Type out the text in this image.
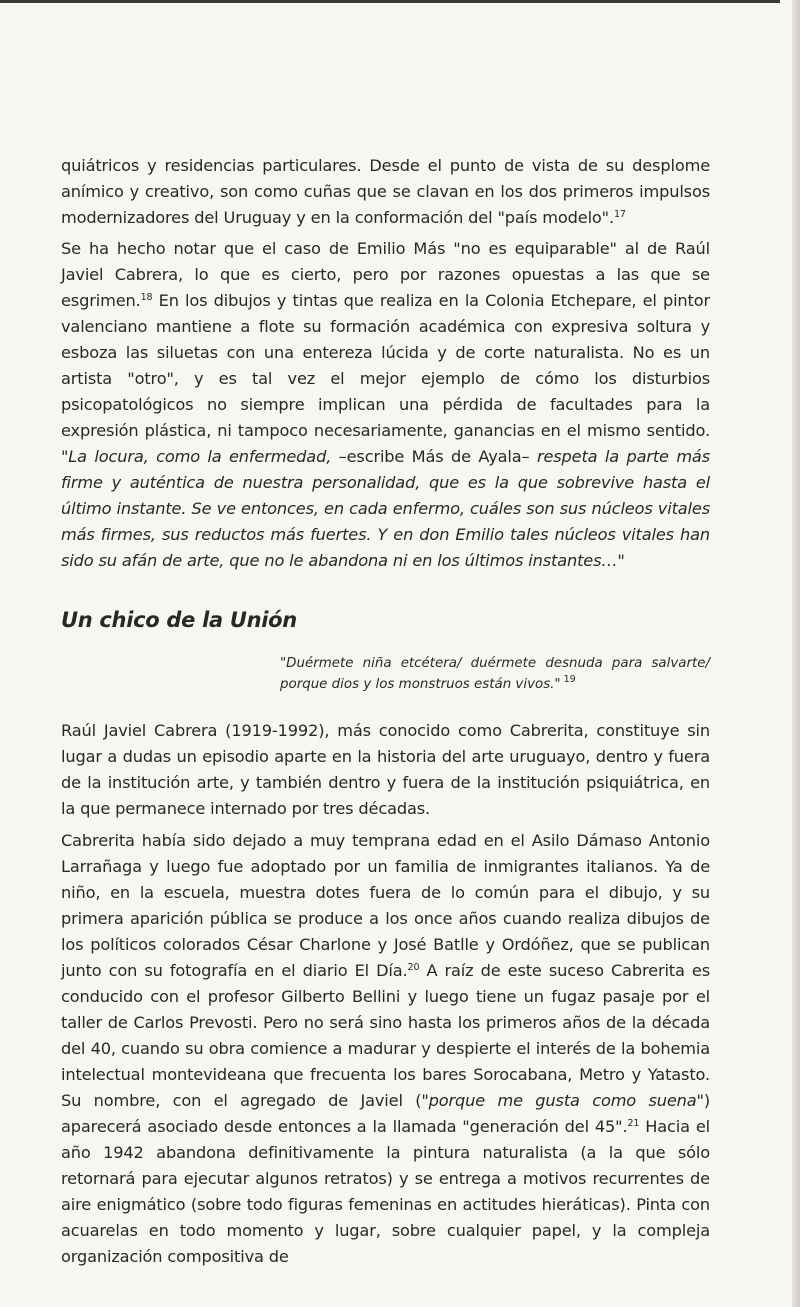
quiátricos y residencias particulares. Desde el punto de vista de su desplome anímico y creativo, son como cuñas que se clavan en los dos primeros impulsos modernizadores del Uruguay y en la conformación del "país modelo".$^{17}$

Se ha hecho notar que el caso de Emilio Más "no es equiparable" al de Raúl Javiel Cabrera, lo que es cierto, pero por razones opuestas a las que se esgrimen.$^{18}$ En los dibujos y tintas que realiza en la Colonia Etchepare, el pintor valenciano mantiene a flote su formación académica con expresiva soltura y esboza las siluetas con una entereza lúcida y de corte naturalista. No es un artista "otro", y es tal vez el mejor ejemplo de cómo los disturbios psicopatológicos no siempre implican una pérdida de facultades para la expresión plástica, ni tampoco necesariamente, ganancias en el mismo sentido. "La locura, como la enfermedad, –escribe Más de Ayala– respeta la parte más firme y auténtica de nuestra personalidad, que es la que sobrevive hasta el último instante. Se ve entonces, en cada enfermo, cuáles son sus núcleos vitales más firmes, sus reductos más fuertes. Y en don Emilio tales núcleos vitales han sido su afán de arte, que no le abandona ni en los últimos instantes…"

Un chico de la Unión
"Duérmete niña etcétera/ duérmete desnuda para salvarte/ porque dios y los monstruos están vivos." $^{19}$

Raúl Javiel Cabrera (1919-1992), más conocido como Cabrerita, constituye sin lugar a dudas un episodio aparte en la historia del arte uruguayo, dentro y fuera de la institución arte, y también dentro y fuera de la institución psiquiátrica, en la que permanece internado por tres décadas.

Cabrerita había sido dejado a muy temprana edad en el Asilo Dámaso Antonio Larrañaga y luego fue adoptado por un familia de inmigrantes italianos. Ya de niño, en la escuela, muestra dotes fuera de lo común para el dibujo, y su primera aparición pública se produce a los once años cuando realiza dibujos de los políticos colorados César Charlone y José Batlle y Ordóñez, que se publican junto con su fotografía en el diario El Día.$^{20}$ A raíz de este suceso Cabrerita es conducido con el profesor Gilberto Bellini y luego tiene un fugaz pasaje por el taller de Carlos Prevosti. Pero no será sino hasta los primeros años de la década del 40, cuando su obra comience a madurar y despierte el interés de la bohemia intelectual montevideana que frecuenta los bares Sorocabana, Metro y Yatasto. Su nombre, con el agregado de Javiel ("porque me gusta como suena") aparecerá asociado desde entonces a la llamada "generación del 45".$^{21}$ Hacia el año 1942 abandona definitivamente la pintura naturalista (a la que sólo retornará para ejecutar algunos retratos) y se entrega a motivos recurrentes de aire enigmático (sobre todo figuras femeninas en actitudes hieráticas). Pinta con acuarelas en todo momento y lugar, sobre cualquier papel, y la compleja organización compositiva de
